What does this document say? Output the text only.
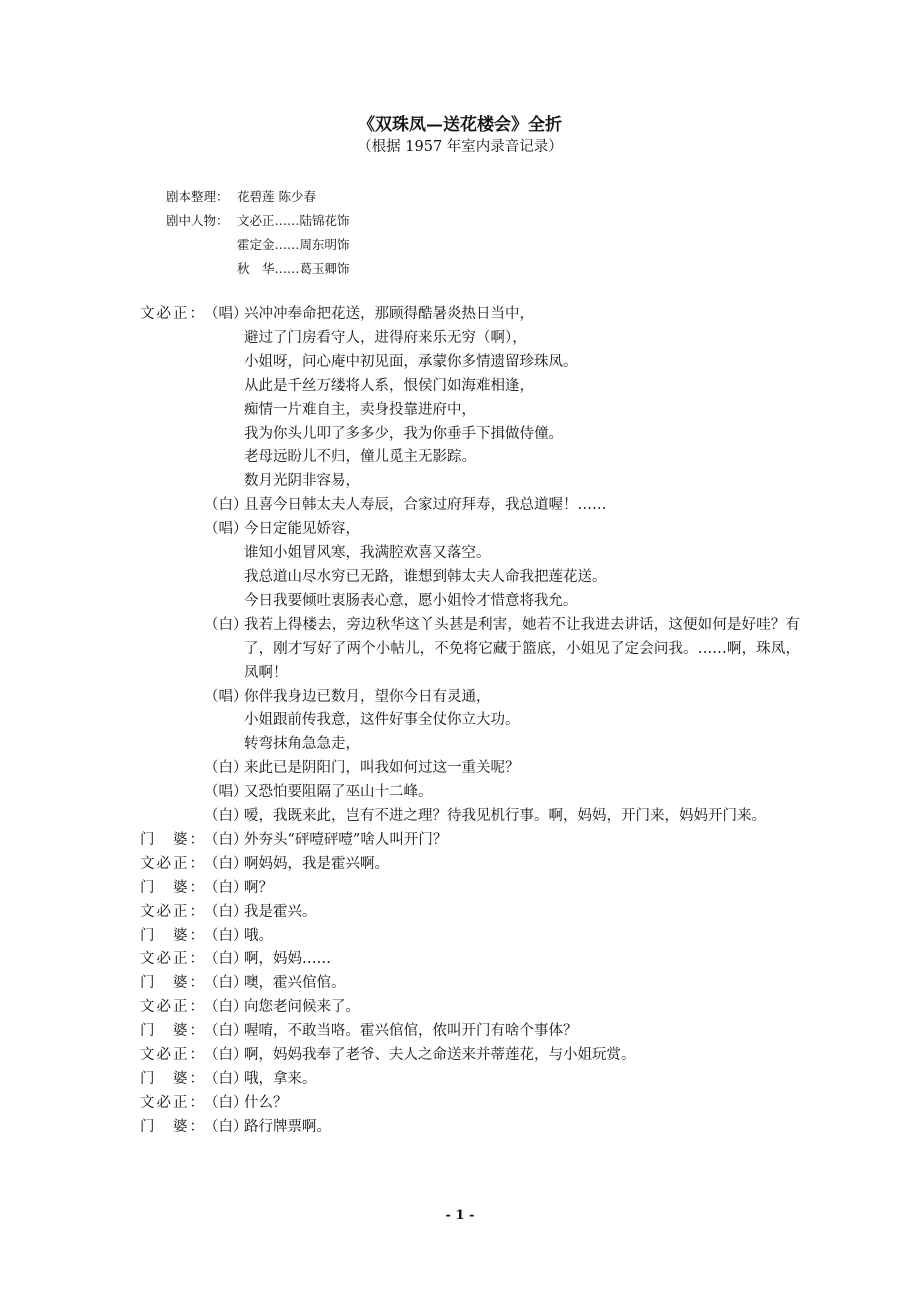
《双珠凤—送花楼会》全折
（根据 1957 年室内录音记录）
剧本整理： 花碧莲 陈少春
剧中人物： 文必正……陆锦花饰
霍定金……周东明饰
秋　华……葛玉卿饰
文必正： （唱）
兴冲冲奉命把花送，那顾得酷暑炎热日当中，
避过了门房看守人，进得府来乐无穷（啊），
小姐呀，问心庵中初见面，承蒙你多情遗留珍珠凤。
从此是千丝万缕将人系，恨侯门如海难相逢，
痴情一片难自主，卖身投靠进府中，
我为你头儿叩了多多少，我为你垂手下揖做侍僮。
老母远盼儿不归，僮儿觅主无影踪。
数月光阴非容易，
（白）
且喜今日韩太夫人寿辰，合家过府拜寿，我总道喔！……
（唱）
今日定能见娇容，
谁知小姐冒风寒，我满腔欢喜又落空。
我总道山尽水穷已无路，谁想到韩太夫人命我把莲花送。
今日我要倾吐衷肠表心意，愿小姐怜才惜意将我允。
（白）
我若上得楼去，旁边秋华这丫头甚是利害，她若不让我进去讲话，这便如何是好哇？有了，刚才写好了两个小帖儿，不免将它藏于篮底，小姐见了定会问我。……啊，珠凤，凤啊！
（唱）
你伴我身边已数月，望你今日有灵通，
小姐跟前传我意，这件好事全仗你立大功。
转弯抹角急急走，
（白）
来此已是阴阳门，叫我如何过这一重关呢？
（唱）
又恐怕要阻隔了巫山十二峰。
（白）
嗳，我既来此，岂有不进之理？待我见机行事。啊，妈妈，开门来，妈妈开门来。
门　婆： （白）
外夯头“砰噎砰噎”啥人叫开门？
文必正： （白）
啊妈妈，我是霍兴啊。
门　婆： （白）
啊？
文必正： （白）
我是霍兴。
门　婆： （白）
哦。
文必正： （白）
啊，妈妈……
门　婆： （白）
噢，霍兴倌倌。
文必正： （白）
向您老问候来了。
门　婆： （白）
喔唷，不敢当咯。霍兴倌倌，侬叫开门有啥个事体？
文必正： （白）
啊，妈妈我奉了老爷、夫人之命送来并蒂莲花，与小姐玩赏。
门　婆： （白）
哦，拿来。
文必正： （白）
什么？
门　婆： （白）
路行牌票啊。
- 1 -
